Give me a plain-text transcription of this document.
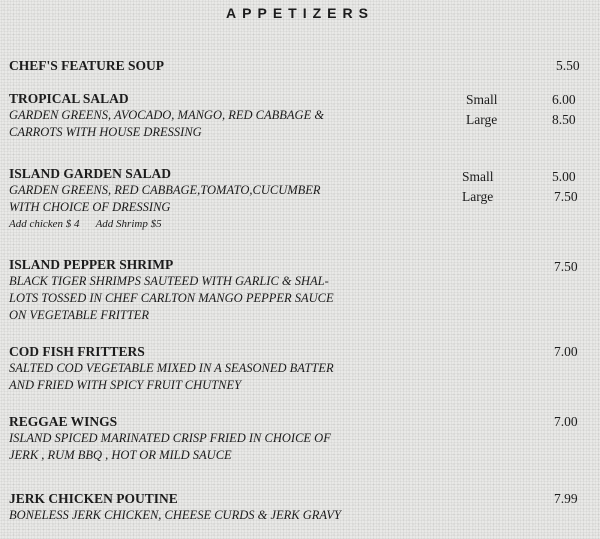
APPETIZERS
CHEF'S FEATURE SOUP	5.50
TROPICAL SALAD
GARDEN GREENS, AVOCADO, MANGO, RED CABBAGE &
CARROTS WITH HOUSE DRESSING
Small	6.00
Large	8.50
ISLAND GARDEN SALAD
GARDEN GREENS, RED CABBAGE,TOMATO,CUCUMBER
WITH CHOICE OF DRESSING
Add chicken $ 4 Add Shrimp $5
Small	5.00
Large	7.50
ISLAND PEPPER SHRIMP
BLACK TIGER SHRIMPS SAUTEED WITH GARLIC & SHAL-
LOTS TOSSED IN CHEF CARLTON MANGO PEPPER SAUCE
ON VEGETABLE FRITTER
7.50
COD FISH FRITTERS
SALTED COD VEGETABLE MIXED IN A SEASONED BATTER
AND FRIED WITH SPICY FRUIT CHUTNEY
7.00
REGGAE WINGS
ISLAND SPICED MARINATED CRISP FRIED IN CHOICE OF
JERK , RUM BBQ , HOT OR MILD SAUCE
7.00
JERK CHICKEN POUTINE
BONELESS JERK CHICKEN, CHEESE CURDS & JERK GRAVY
7.99
